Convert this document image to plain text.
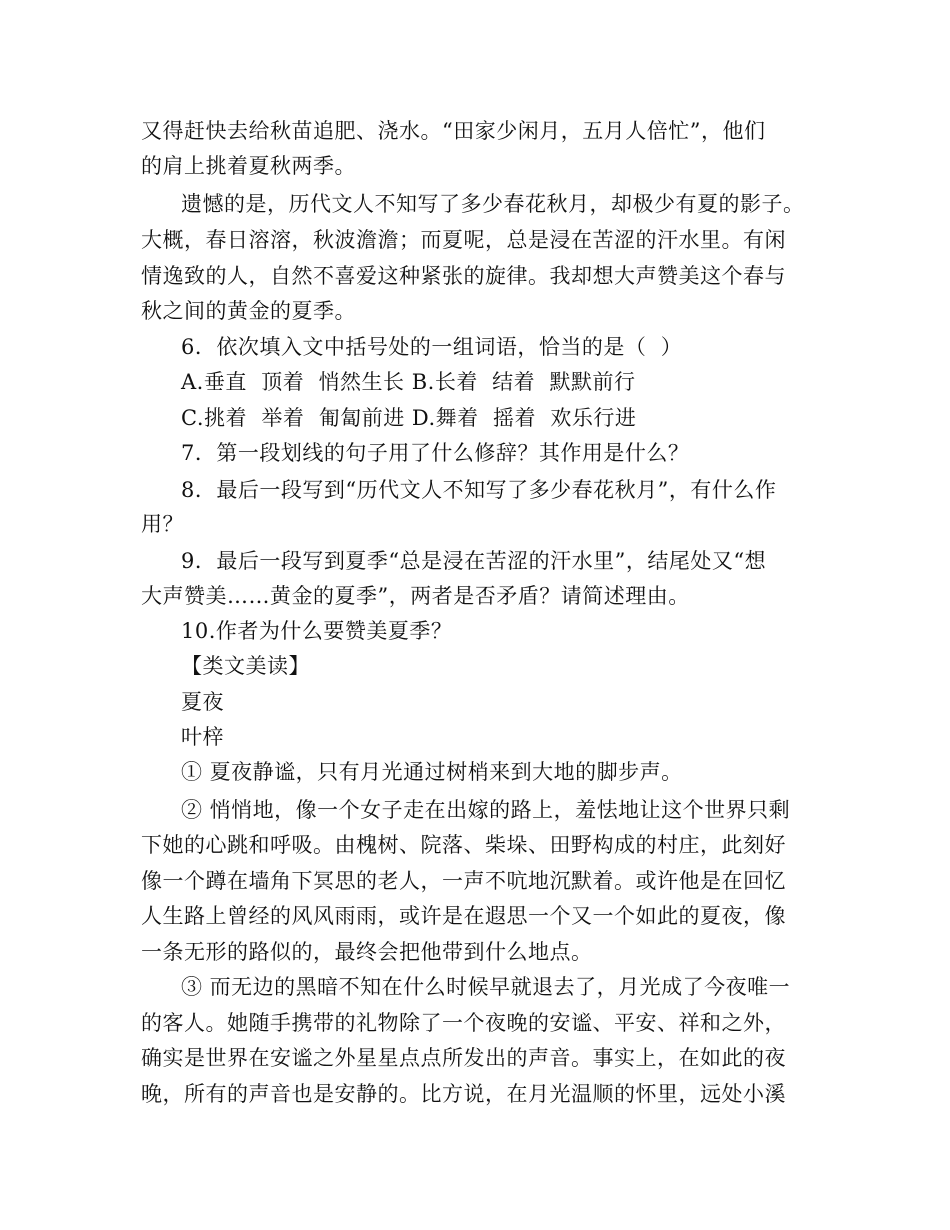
又得赶快去给秋苗追肥、浇水。“田家少闲月，五月人倍忙”，他们
的肩上挑着夏秋两季。
遗憾的是，历代文人不知写了多少春花秋月，却极少有夏的影子。
大概，春日溶溶，秋波澹澹；而夏呢，总是浸在苦涩的汗水里。有闲
情逸致的人，自然不喜爱这种紧张的旋律。我却想大声赞美这个春与
秋之间的黄金的夏季。
6．依次填入文中括号处的一组词语，恰当的是（  ）
A.垂直  顶着  悄然生长 B.长着  结着  默默前行
C.挑着  举着  匍匐前进 D.舞着  摇着  欢乐行进
7．第一段划线的句子用了什么修辞？其作用是什么？
8．最后一段写到“历代文人不知写了多少春花秋月”，有什么作
用？
9．最后一段写到夏季“总是浸在苦涩的汗水里”，结尾处又“想
大声赞美……黄金的夏季”，两者是否矛盾？请简述理由。
10.作者为什么要赞美夏季？
【类文美读】
夏夜
叶梓
① 夏夜静谧，只有月光通过树梢来到大地的脚步声。
② 悄悄地，像一个女子走在出嫁的路上，羞怯地让这个世界只剩
下她的心跳和呼吸。由槐树、院落、柴垛、田野构成的村庄，此刻好
像一个蹲在墙角下冥思的老人，一声不吭地沉默着。或许他是在回忆
人生路上曾经的风风雨雨，或许是在遐思一个又一个如此的夏夜，像
一条无形的路似的，最终会把他带到什么地点。
③ 而无边的黑暗不知在什么时候早就退去了，月光成了今夜唯一
的客人。她随手携带的礼物除了一个夜晚的安谧、平安、祥和之外，
确实是世界在安谧之外星星点点所发出的声音。事实上，在如此的夜
晚，所有的声音也是安静的。比方说，在月光温顺的怀里，远处小溪
